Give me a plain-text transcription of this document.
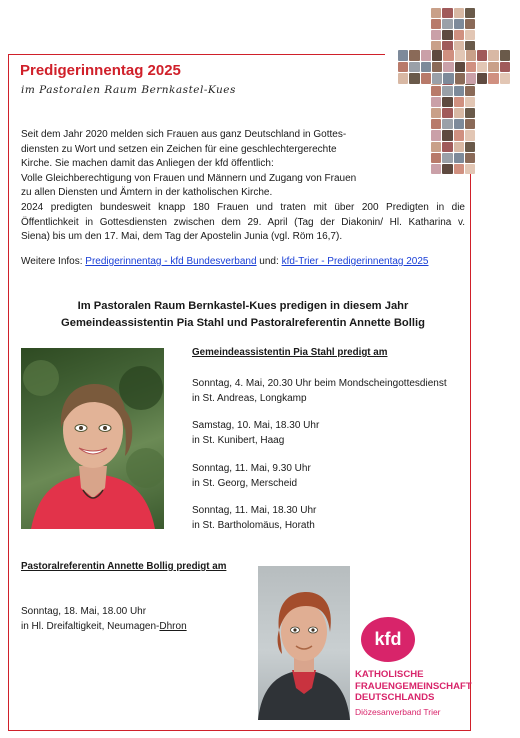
Predigerinnentag 2025
im Pastoralen Raum Bernkastel-Kues
Seit dem Jahr 2020 melden sich Frauen aus ganz Deutschland in Gottes-
diensten zu Wort und setzen ein Zeichen für eine geschlechtergerechte
Kirche. Sie machen damit das Anliegen der kfd öffentlich:
Volle Gleichberechtigung von Frauen und Männern und Zugang von Frauen
zu allen Diensten und Ämtern in der katholischen Kirche.
2024 predigten bundesweit knapp 180 Frauen und traten mit über 200 Predigten in die
Öffentlichkeit in Gottesdiensten zwischen dem 29. April (Tag der Diakonin/ Hl. Katharina v.
Siena) bis um den 17. Mai, dem Tag der Apostelin Junia (vgl. Röm 16,7).
Weitere Infos: Predigerinnentag - kfd Bundesverband und: kfd-Trier - Predigerinnentag 2025
Im Pastoralen Raum Bernkastel-Kues predigen in diesem Jahr
Gemeindeassistentin Pia Stahl und Pastoralreferentin Annette Bollig
Gemeindeassistentin Pia Stahl predigt am
Sonntag, 4. Mai, 20.30 Uhr beim Mondscheingottesdienst
in St. Andreas, Longkamp
Samstag, 10. Mai, 18.30 Uhr
in St. Kunibert, Haag
Sonntag, 11. Mai, 9.30 Uhr
in St. Georg, Merscheid
Sonntag, 11. Mai, 18.30 Uhr
in St. Bartholomäus, Horath
Pastoralreferentin Annette Bollig predigt am
Sonntag, 18. Mai, 18.00 Uhr
in Hl. Dreifaltigkeit, Neumagen-Dhron
kfd
KATHOLISCHE
FRAUENGEMEINSCHAFT
DEUTSCHLANDS
Diözesanverband Trier
